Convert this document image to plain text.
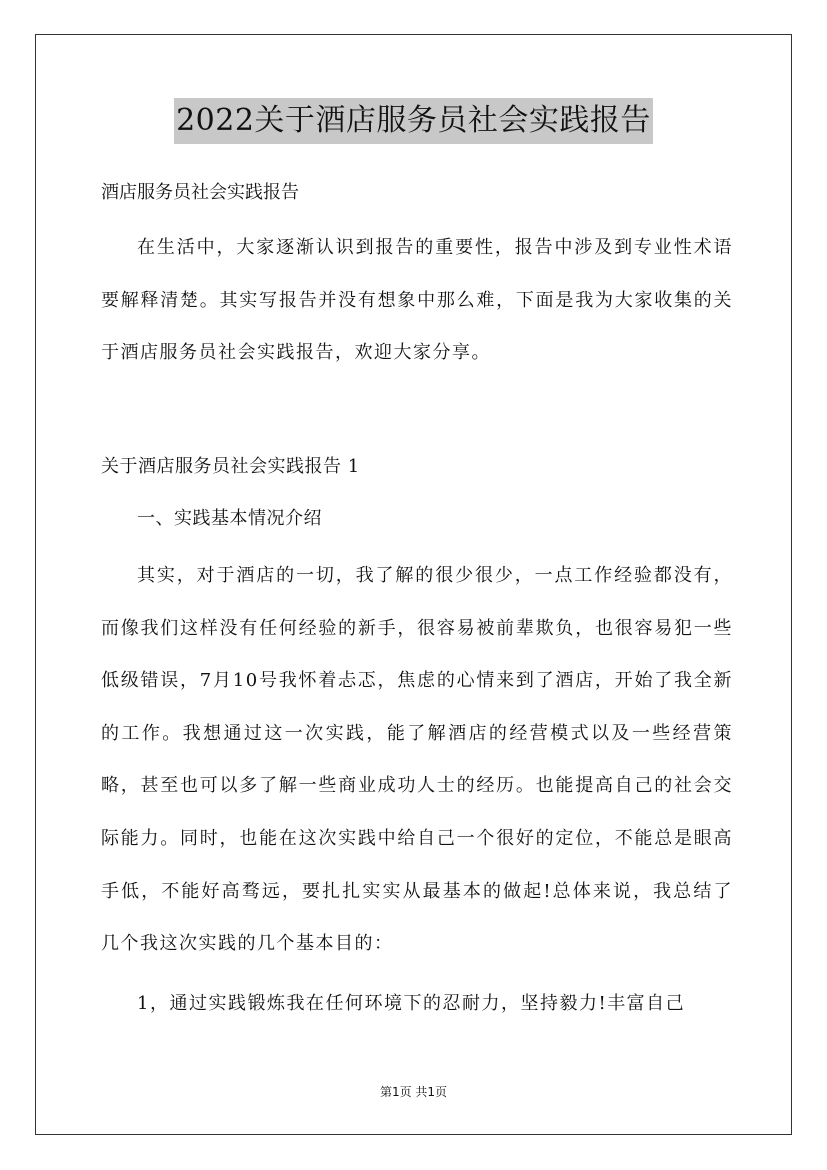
2022关于酒店服务员社会实践报告
酒店服务员社会实践报告

在生活中，大家逐渐认识到报告的重要性，报告中涉及到专业性术语要解释清楚。其实写报告并没有想象中那么难，下面是我为大家收集的关于酒店服务员社会实践报告，欢迎大家分享。

关于酒店服务员社会实践报告 1
一、实践基本情况介绍

其实，对于酒店的一切，我了解的很少很少，一点工作经验都没有，而像我们这样没有任何经验的新手，很容易被前辈欺负，也很容易犯一些低级错误，7月10号我怀着忐忑，焦虑的心情来到了酒店，开始了我全新的工作。我想通过这一次实践，能了解酒店的经营模式以及一些经营策略，甚至也可以多了解一些商业成功人士的经历。也能提高自己的社会交际能力。同时，也能在这次实践中给自己一个很好的定位，不能总是眼高手低，不能好高骛远，要扎扎实实从最基本的做起!总体来说，我总结了几个我这次实践的几个基本目的：

1，通过实践锻炼我在任何环境下的忍耐力，坚持毅力!丰富自己

第1页 共1页
